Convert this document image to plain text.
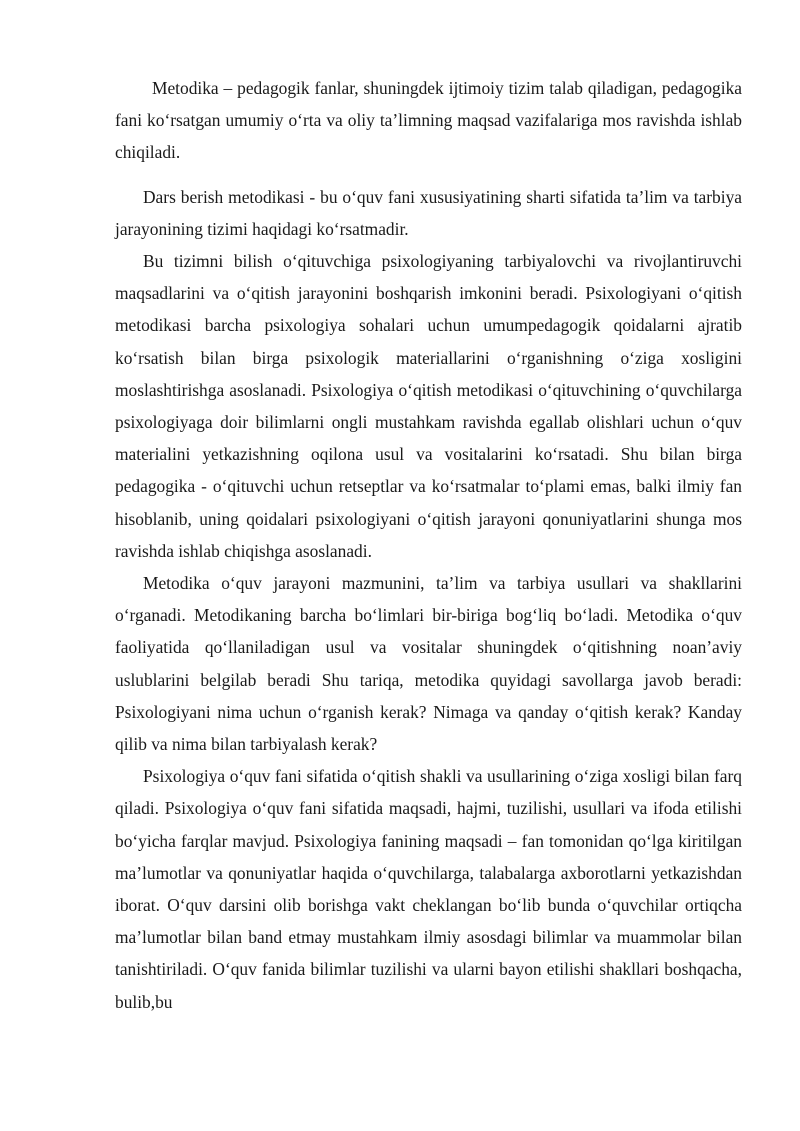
Metodika – pedagogik fanlar, shuningdek ijtimoiy tizim talab qiladigan, pedagogika fani ko‘rsatgan umumiy o‘rta va oliy ta’limning maqsad vazifalariga mos ravishda ishlab chiqiladi.

Dars berish metodikasi - bu o‘quv fani xususiyatining sharti sifatida ta’lim va tarbiya jarayonining tizimi haqidagi ko‘rsatmadir.

Bu tizimni bilish o‘qituvchiga psixologiyaning tarbiyalovchi va rivojlantiruvchi maqsadlarini va o‘qitish jarayonini boshqarish imkonini beradi. Psixologiyani o‘qitish metodikasi barcha psixologiya sohalari uchun umumpedagogik qoidalarni ajratib ko‘rsatish bilan birga psixologik materiallarini o‘rganishning o‘ziga xosligini moslashtirishga asoslanadi. Psixologiya o‘qitish metodikasi o‘qituvchining o‘quvchilarga psixologiyaga doir bilimlarni ongli mustahkam ravishda egallab olishlari uchun o‘quv materialini yetkazishning oqilona usul va vositalarini ko‘rsatadi. Shu bilan birga pedagogika - o‘qituvchi uchun retseptlar va ko‘rsatmalar to‘plami emas, balki ilmiy fan hisoblanib, uning qoidalari psixologiyani o‘qitish jarayoni qonuniyatlarini shunga mos ravishda ishlab chiqishga asoslanadi.

Metodika o‘quv jarayoni mazmunini, ta’lim va tarbiya usullari va shakllarini o‘rganadi. Metodikaning barcha bo‘limlari bir-biriga bog‘liq bo‘ladi. Metodika o‘quv faoliyatida qo‘llaniladigan usul va vositalar shuningdek o‘qitishning noan’aviy uslublarini belgilab beradi Shu tariqa, metodika quyidagi savollarga javob beradi: Psixologiyani nima uchun o‘rganish kerak? Nimaga va qanday o‘qitish kerak? Kanday qilib va nima bilan tarbiyalash kerak?

Psixologiya o‘quv fani sifatida o‘qitish shakli va usullarining o‘ziga xosligi bilan farq qiladi. Psixologiya o‘quv fani sifatida maqsadi, hajmi, tuzilishi, usullari va ifoda etilishi bo‘yicha farqlar mavjud. Psixologiya fanining maqsadi – fan tomonidan qo‘lga kiritilgan ma’lumotlar va qonuniyatlar haqida o‘quvchilarga, talabalarga axborotlarni yetkazishdan iborat. O‘quv darsini olib borishga vakt cheklangan bo‘lib bunda o‘quvchilar ortiqcha ma’lumotlar bilan band etmay mustahkam ilmiy asosdagi bilimlar va muammolar bilan tanishtiriladi. O‘quv fanida bilimlar tuzilishi va ularni bayon etilishi shakllari boshqacha, bulib,bu
